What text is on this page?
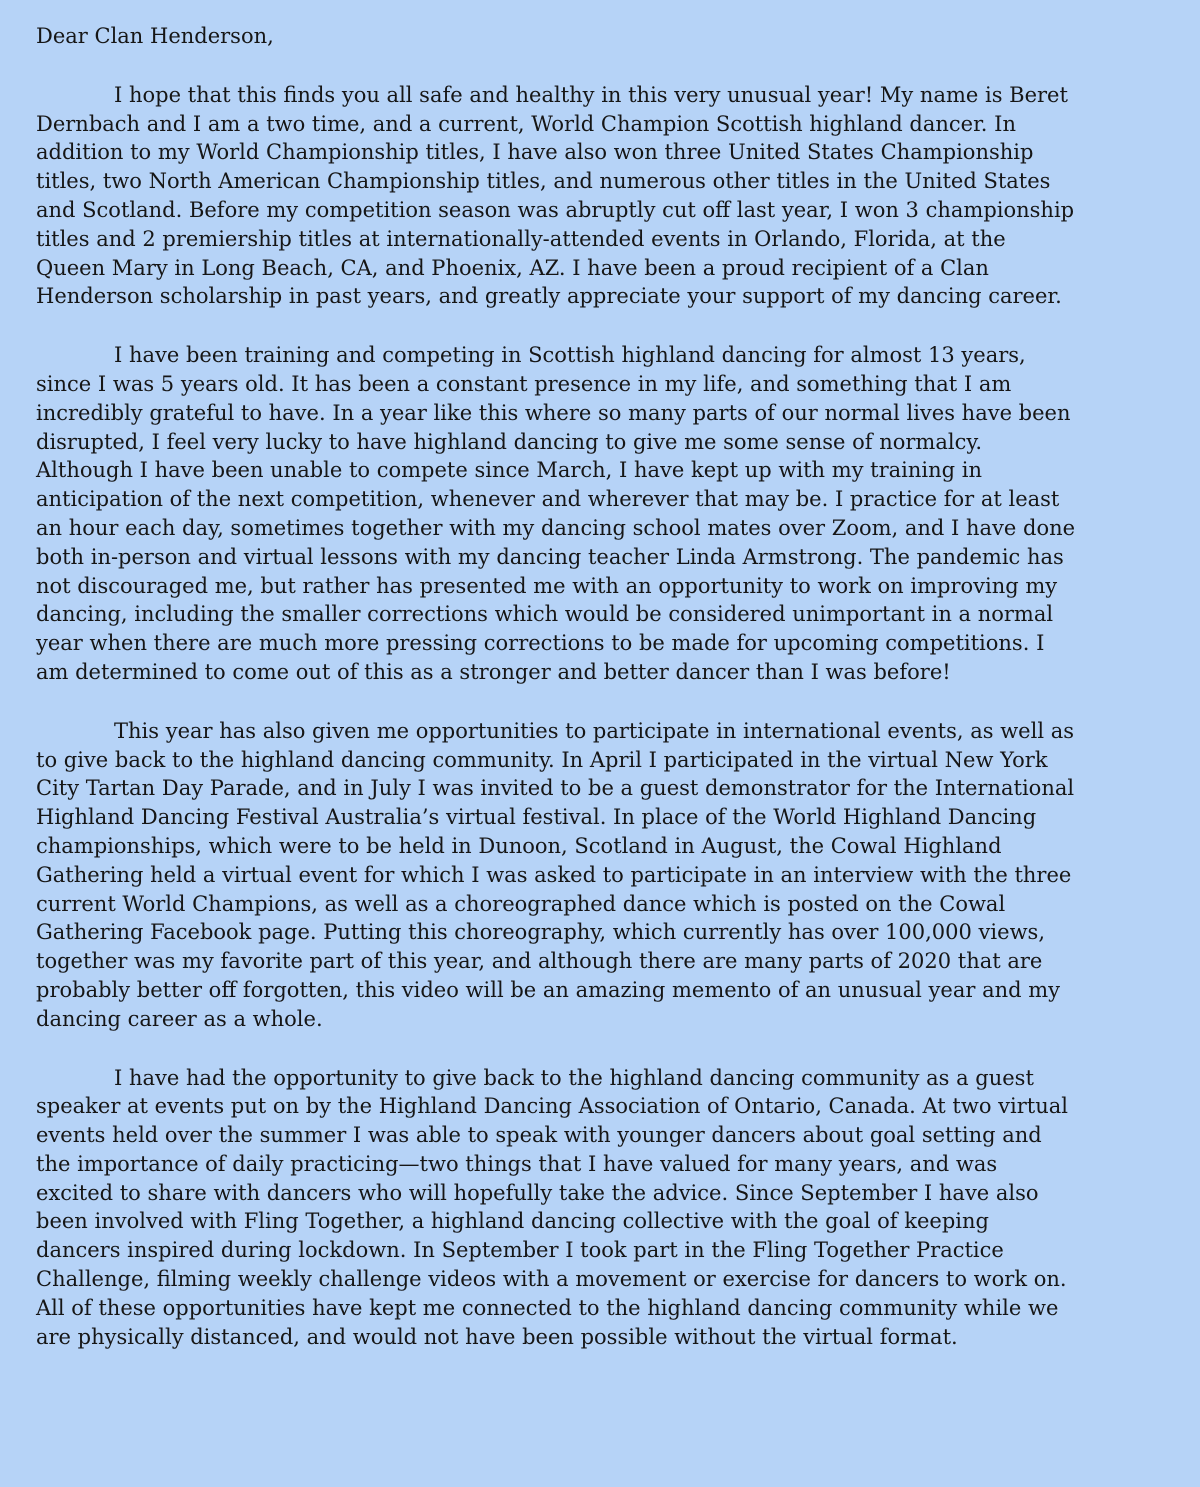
Dear Clan Henderson,

I hope that this finds you all safe and healthy in this very unusual year! My name is Beret Dernbach and I am a two time, and a current, World Champion Scottish highland dancer. In addition to my World Championship titles, I have also won three United States Championship titles, two North American Championship titles, and numerous other titles in the United States and Scotland. Before my competition season was abruptly cut off last year, I won 3 championship titles and 2 premiership titles at internationally-attended events in Orlando, Florida, at the Queen Mary in Long Beach, CA, and Phoenix, AZ. I have been a proud recipient of a Clan Henderson scholarship in past years, and greatly appreciate your support of my dancing career.

I have been training and competing in Scottish highland dancing for almost 13 years, since I was 5 years old. It has been a constant presence in my life, and something that I am incredibly grateful to have. In a year like this where so many parts of our normal lives have been disrupted, I feel very lucky to have highland dancing to give me some sense of normalcy. Although I have been unable to compete since March, I have kept up with my training in anticipation of the next competition, whenever and wherever that may be. I practice for at least an hour each day, sometimes together with my dancing school mates over Zoom, and I have done both in-person and virtual lessons with my dancing teacher Linda Armstrong. The pandemic has not discouraged me, but rather has presented me with an opportunity to work on improving my dancing, including the smaller corrections which would be considered unimportant in a normal year when there are much more pressing corrections to be made for upcoming competitions. I am determined to come out of this as a stronger and better dancer than I was before!

This year has also given me opportunities to participate in international events, as well as to give back to the highland dancing community. In April I participated in the virtual New York City Tartan Day Parade, and in July I was invited to be a guest demonstrator for the International Highland Dancing Festival Australia’s virtual festival. In place of the World Highland Dancing championships, which were to be held in Dunoon, Scotland in August, the Cowal Highland Gathering held a virtual event for which I was asked to participate in an interview with the three current World Champions, as well as a choreographed dance which is posted on the Cowal Gathering Facebook page. Putting this choreography, which currently has over 100,000 views, together was my favorite part of this year, and although there are many parts of 2020 that are probably better off forgotten, this video will be an amazing memento of an unusual year and my dancing career as a whole.

I have had the opportunity to give back to the highland dancing community as a guest speaker at events put on by the Highland Dancing Association of Ontario, Canada. At two virtual events held over the summer I was able to speak with younger dancers about goal setting and the importance of daily practicing—two things that I have valued for many years, and was excited to share with dancers who will hopefully take the advice. Since September I have also been involved with Fling Together, a highland dancing collective with the goal of keeping dancers inspired during lockdown. In September I took part in the Fling Together Practice Challenge, filming weekly challenge videos with a movement or exercise for dancers to work on. All of these opportunities have kept me connected to the highland dancing community while we are physically distanced, and would not have been possible without the virtual format.
